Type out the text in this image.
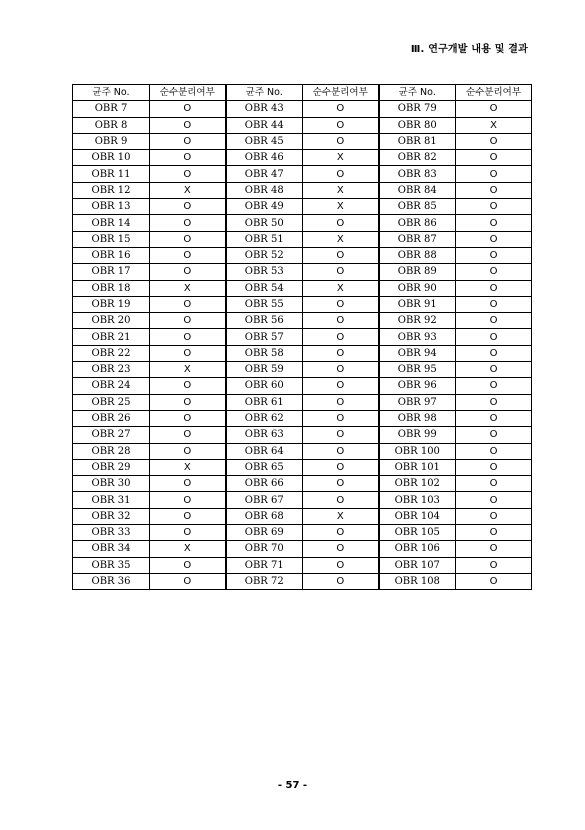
Ⅲ. 연구개발 내용 및 결과
균주 No.	순수분리여부	균주 No.	순수분리여부	균주 No.	순수분리여부
OBR 7	O	OBR 43	O	OBR 79	O
OBR 8	O	OBR 44	O	OBR 80	X
OBR 9	O	OBR 45	O	OBR 81	O
OBR 10	O	OBR 46	X	OBR 82	O
OBR 11	O	OBR 47	O	OBR 83	O
OBR 12	X	OBR 48	X	OBR 84	O
OBR 13	O	OBR 49	X	OBR 85	O
OBR 14	O	OBR 50	O	OBR 86	O
OBR 15	O	OBR 51	X	OBR 87	O
OBR 16	O	OBR 52	O	OBR 88	O
OBR 17	O	OBR 53	O	OBR 89	O
OBR 18	X	OBR 54	X	OBR 90	O
OBR 19	O	OBR 55	O	OBR 91	O
OBR 20	O	OBR 56	O	OBR 92	O
OBR 21	O	OBR 57	O	OBR 93	O
OBR 22	O	OBR 58	O	OBR 94	O
OBR 23	X	OBR 59	O	OBR 95	O
OBR 24	O	OBR 60	O	OBR 96	O
OBR 25	O	OBR 61	O	OBR 97	O
OBR 26	O	OBR 62	O	OBR 98	O
OBR 27	O	OBR 63	O	OBR 99	O
OBR 28	O	OBR 64	O	OBR 100	O
OBR 29	X	OBR 65	O	OBR 101	O
OBR 30	O	OBR 66	O	OBR 102	O
OBR 31	O	OBR 67	O	OBR 103	O
OBR 32	O	OBR 68	X	OBR 104	O
OBR 33	O	OBR 69	O	OBR 105	O
OBR 34	X	OBR 70	O	OBR 106	O
OBR 35	O	OBR 71	O	OBR 107	O
OBR 36	O	OBR 72	O	OBR 108	O
- 57 -
